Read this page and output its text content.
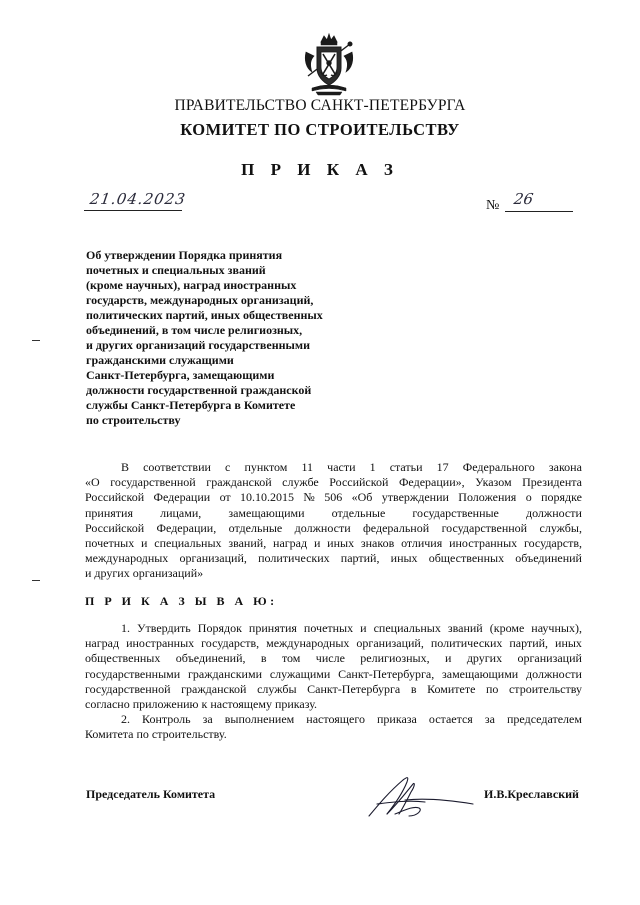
ПРАВИТЕЛЬСТВО САНКТ-ПЕТЕРБУРГА
КОМИТЕТ ПО СТРОИТЕЛЬСТВУ
П Р И К А З
21.04.2023	№ 26
Об утверждении Порядка принятия
почетных и специальных званий
(кроме научных), наград иностранных
государств, международных организаций,
политических партий, иных общественных
объединений, в том числе религиозных,
и других организаций государственными
гражданскими служащими
Санкт-Петербурга, замещающими
должности государственной гражданской
службы Санкт-Петербурга в Комитете
по строительству
В соответствии с пунктом 11 части 1 статьи 17 Федерального закона
«О государственной гражданской службе Российской Федерации», Указом Президента
Российской Федерации от 10.10.2015 № 506 «Об утверждении Положения о порядке
принятия лицами, замещающими отдельные государственные должности
Российской Федерации, отдельные должности федеральной государственной службы,
почетных и специальных званий, наград и иных знаков отличия иностранных государств,
международных организаций, политических партий, иных общественных объединений
и других организаций»
П Р И К А З Ы В А Ю:
1. Утвердить Порядок принятия почетных и специальных званий (кроме научных),
наград иностранных государств, международных организаций, политических партий, иных
общественных объединений, в том числе религиозных, и других организаций
государственными гражданскими служащими Санкт-Петербурга, замещающими должности
государственной гражданской службы Санкт-Петербурга в Комитете по строительству
согласно приложению к настоящему приказу.
2. Контроль за выполнением настоящего приказа остается за председателем
Комитета по строительству.
Председатель Комитета	И.В.Креславский
